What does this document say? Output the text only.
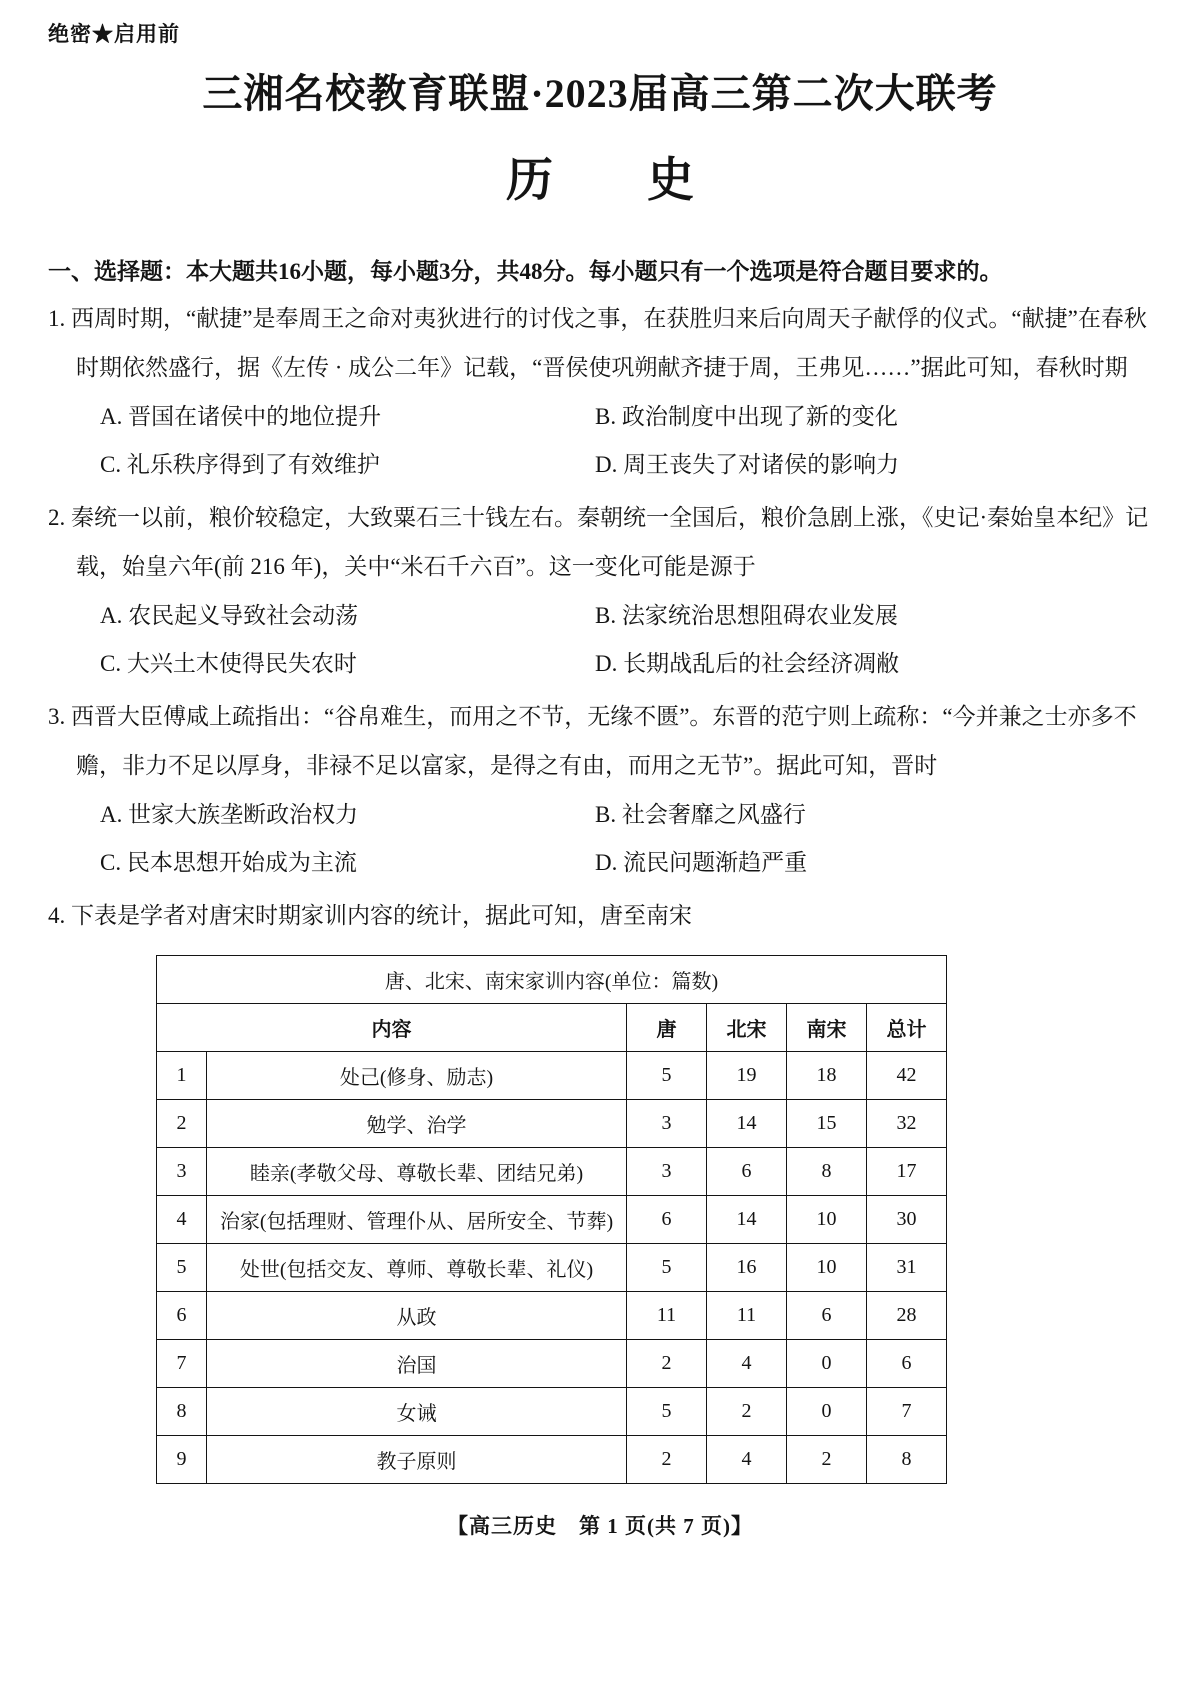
绝密★启用前
三湘名校教育联盟·2023届高三第二次大联考
历　　史
一、选择题：本大题共16小题，每小题3分，共48分。每小题只有一个选项是符合题目要求的。
1. 西周时期，“献捷”是奉周王之命对夷狄进行的讨伐之事，在获胜归来后向周天子献俘的仪式。“献捷”在春秋时期依然盛行，据《左传 · 成公二年》记载，“晋侯使巩朔献齐捷于周，王弗见……”据此可知，春秋时期
A. 晋国在诸侯中的地位提升	B. 政治制度中出现了新的变化
C. 礼乐秩序得到了有效维护	D. 周王丧失了对诸侯的影响力
2. 秦统一以前，粮价较稳定，大致粟石三十钱左右。秦朝统一全国后，粮价急剧上涨，《史记·秦始皇本纪》记载，始皇六年(前 216 年)，关中“米石千六百”。这一变化可能是源于
A. 农民起义导致社会动荡	B. 法家统治思想阻碍农业发展
C. 大兴土木使得民失农时	D. 长期战乱后的社会经济凋敝
3. 西晋大臣傅咸上疏指出：“谷帛难生，而用之不节，无缘不匮”。东晋的范宁则上疏称：“今并兼之士亦多不赡，非力不足以厚身，非禄不足以富家，是得之有由，而用之无节”。据此可知，晋时
A. 世家大族垄断政治权力	B. 社会奢靡之风盛行
C. 民本思想开始成为主流	D. 流民问题渐趋严重
4. 下表是学者对唐宋时期家训内容的统计，据此可知，唐至南宋
唐、北宋、南宋家训内容(单位：篇数)					
内容		唐	北宋	南宋	总计
1	处己(修身、励志)	5	19	18	42
2	勉学、治学	3	14	15	32
3	睦亲(孝敬父母、尊敬长辈、团结兄弟)	3	6	8	17
4	治家(包括理财、管理仆从、居所安全、节葬)	6	14	10	30
5	处世(包括交友、尊师、尊敬长辈、礼仪)	5	16	10	31
6	从政	11	11	6	28
7	治国	2	4	0	6
8	女诫	5	2	0	7
9	教子原则	2	4	2	8
【高三历史　第 1 页(共 7 页)】
